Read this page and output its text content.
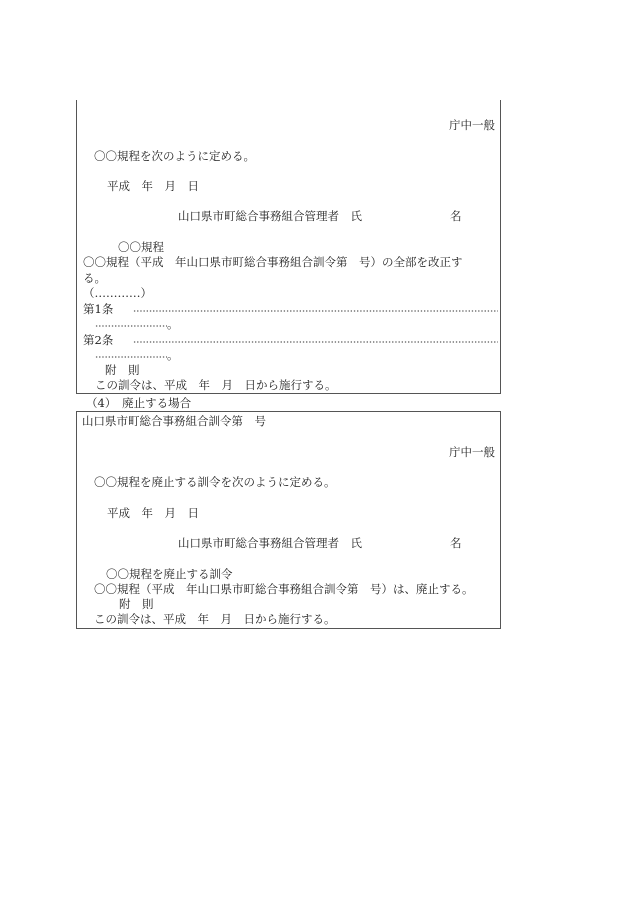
庁中一般
〇〇規程を次のように定める。
平成　年　月　日
山口県市町総合事務組合管理者　氏	名
〇〇規程
〇〇規程（平成　年山口県市町総合事務組合訓令第　号）の全部を改正す
る。
（…………）
第1条
。
第2条
。
附　則
この訓令は、平成　年　月　日から施行する。
（4）　廃止する場合
山口県市町総合事務組合訓令第　号
庁中一般
〇〇規程を廃止する訓令を次のように定める。
平成　年　月　日
山口県市町総合事務組合管理者　氏	名
〇〇規程を廃止する訓令
〇〇規程（平成　年山口県市町総合事務組合訓令第　号）は、廃止する。
附　則
この訓令は、平成　年　月　日から施行する。
